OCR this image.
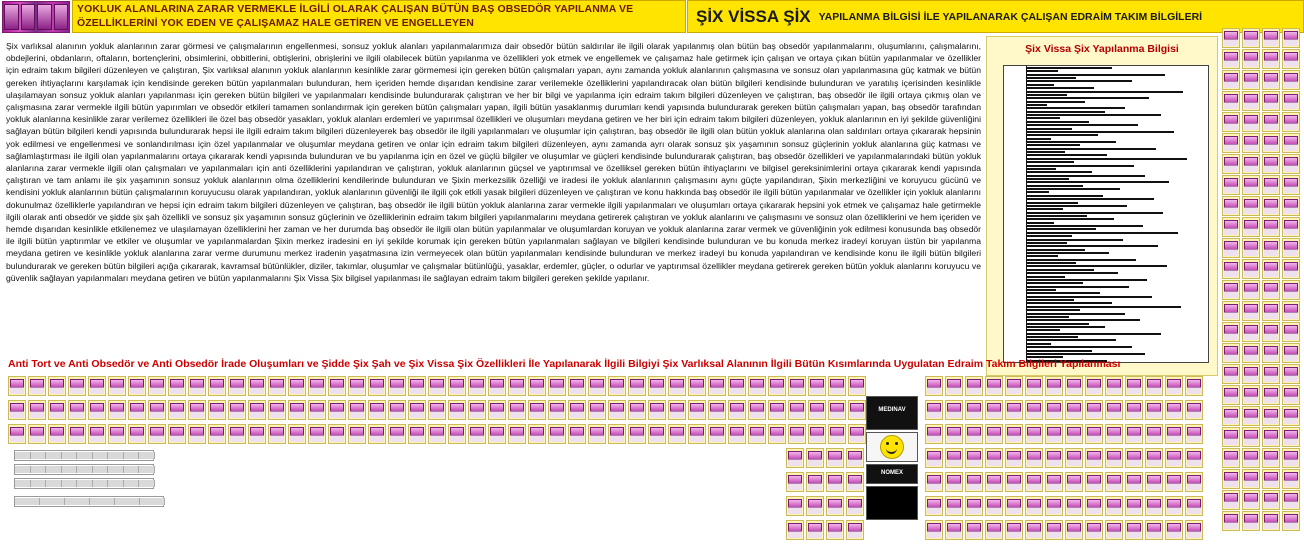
YOKLUK ALANLARINA ZARAR VERMEKLE İLGİLİ OLARAK ÇALIŞAN BÜTÜN BAŞ OBSEDÖR YAPILANMA VE ÖZELLİKLERİNİ YOK EDEN VE ÇALIŞAMAZ HALE GETİREN VE ENGELLEYEN	ŞİX VİSSA ŞİX YAPILANMA BİLGİSİ İLE YAPILANARAK ÇALIŞAN EDRAİM TAKIM BİLGİLERİ
Şix varlıksal alanının yokluk alanlarının zarar görmesi ve çalışmalarının engellenmesi, sonsuz yokluk alanları yapılanmalarımıza dair obsedör bütün saldırılar ile ilgili olarak yapılanmış olan bütün baş obsedör yapılanmalarını, oluşumlarını, çalışmalarını, obdejlerini, obdanların, oftaların, bortençlerini, obsimlerini, obbitlerini, obtişlerini, obrişlerini ve ilgili olabilecek bütün yapılanma ve özellikleri yok etmek ve engellemek ve çalışamaz hale getirmek için çalışan ve ortaya çıkan bütün yapılanmalar ve özellikler için edraim takım bilgileri düzenleyen ve çalıştıran, Şix varlıksal alanının yokluk alanlarının kesinlikle zarar görmemesi için gereken bütün çalışmaları yapan, aynı zamanda yokluk alanlarının çalışmasına ve sonsuz olan yapılanmasına güç katmak ve bütün gereken ihtiyaçlarını karşılamak için kendisinde gereken bütün yapılanmaları bulunduran, hem içeriden hemde dışarıdan kendisine zarar verilemekle özelliklerini yapılandıracak olan bütün bilgileri kendisinde bulunduran ve yaratılış içerisinden kesinlikle ulaşılamayan sonsuz yokluk alanları yapılanması için gereken bütün bilgileri ve yapılanmaları kendisinde bulundurarak çalıştıran ve her bir bilgi ve yapılanma için edraim takım bilgileri düzenleyen ve çalıştıran, baş obsedör ile ilgili ortaya çıkmış olan ve çalışmasına zarar vermekle ilgili bütün yapırımları ve obsedör etkileri tamamen sonlandırmak için gereken bütün çalışmaları yapan, ilgili bütün yasaklanmış durumları kendi yapısında bulundurarak gereken bütün çalışmaları yapan, baş obsedör tarafından yokluk alanlarına kesinlikle zarar verilemez özellikleri ile özel baş obsedör yasakları, yokluk alanları erdemleri ve yapırımsal özellikleri ve oluşumları meydana getiren ve her biri için edraim takım bilgileri düzenleyen, yokluk alanlarının en iyi şekilde güvenliğini sağlayan bütün bilgileri kendi yapısında bulundurarak hepsi ile ilgili edraim takım bilgileri düzenleyerek baş obsedör ile ilgili yapılanmaları ve oluşumlar için çalıştıran, baş obsedör ile ilgili olan bütün yokluk alanlarına olan saldırıları ortaya çıkararak hepsinin yok edilmesi ve engellenmesi ve sonlandırılması için özel yapılanmalar ve oluşumlar meydana getiren ve onlar için edraim takım bilgileri düzenleyen, aynı zamanda ayrı olarak sonsuz şix yaşamının sonsuz güçlerinin yokluk alanlarına güç katması ve sağlamlaştırması ile ilgili olan yapılanmalarını ortaya çıkararak kendi yapısında bulunduran ve bu yapılanma için en özel ve güçlü bilgiler ve oluşumlar ve güçleri kendisinde bulundurarak çalıştıran, baş obsedör özellikleri ve yapılanmalarındaki bütün yokluk alanlarına zarar vermekle ilgili olan çalışmaları ve yapılanmaları için anti özelliklerini yapılandıran ve çalıştıran, yokluk alanlarının güçsel ve yaptırımsal ve özelliksel gereken bütün ihtiyaçlarını ve bilgisel gereksinimlerini ortaya çıkararak kendi yapısında çalıştıran ve tam anlamı ile şix yaşamının sonsuz yokluk alanlarının olma özelliklerini kendilerinde bulunduran ve Şixin merkezsilik özelliği ve iradesi ile yokluk alanlarının çalışmasını aynı güçte yapılandıran, Şixin merkezliğini ve koruyucu gücünü ve kendisini yokluk alanlarının bütün çalışmalarının koruyucusu olarak yapılandıran, yokluk alanlarının güvenliği ile ilgili çok etkili yasak bilgileri düzenleyen ve çalıştıran ve konu hakkında baş obsedör ile ilgili bütün yapılanmalar ve özellikler için yokluk alanlarını dokunulmaz özelliklerle yapılandıran ve hepsi için edraim takım bilgileri düzenleyen ve çalıştıran, baş obsedör ile ilgili bütün yokluk alanlarına zarar vermekle ilgili yapılanmaları ve oluşumları ortaya çıkararak hepsini yok etmek ve çalışamaz hale getirmekle ilgili olarak anti obsedör ve şidde şix şah özellikli ve sonsuz şix yaşamının sonsuz güçlerinin ve özelliklerinin edraim takım bilgileri yapılanmalarını meydana getirerek çalıştıran ve yokluk alanlarını ve çalışmasını ve sonsuz olan özelliklerini ve hem içeriden ve hemde dışarıdan kesinlikle etkilenemez ve ulaşılamayan özelliklerini her zaman ve her durumda baş obsedör ile ilgili olan bütün yapılanmalar ve oluşumlardan koruyan ve yokluk alanlarına zarar vermek ve güvenliğinin yok edilmesi konusunda baş obsedör ile ilgili bütün yaptırımlar ve etkiler ve oluşumlar ve yapılanmalardan Şixin merkez iradesini en iyi şekilde korumak için gereken bütün yapılanmaları sağlayan ve bilgileri kendisinde bulunduran ve bu konuda merkez iradeyi koruyan üstün bir yapılanma meydana getiren ve kesinlikle yokluk alanlarına zarar verme durumunu merkez iradenin yaşatmasına izin vermeyecek olan bütün yapılanmaları kendisinde bulunduran ve merkez iradeyi bu konuda yapılandıran ve kendisinde konu ile ilgili bütün bilgileri bulundurarak ve gereken bütün bilgileri açığa çıkararak, kavramsal bütünlükler, diziler, takımlar, oluşumlar ve çalışmalar bütünlüğü, yasaklar, erdemler, güçler, o odurlar ve yaptırımsal özellikler meydana getirerek gereken bütün yokluk alanlarını koruyucu ve güvenlik sağlayan yapılanmaları meydana getiren ve bütün yapılanmalarını Şix Vissa Şix bilgisel yapılanması ile sağlayan edraim takım bilgileri gereken şekilde yapılanır.
Şix Vissa Şix Yapılanma Bilgisi
Anti Tort ve Anti Obsedör ve Anti Obsedör İrade Oluşumları ve Şidde Şix Şah ve Şix Vissa Şix Özellikleri İle Yapılanarak İlgili Bilgiyi Şix Varlıksal Alanının İlgili Bütün Kısımlarında Uygulatan Edraim Takım Bilgileri Yapılanması
MEDINAV
NOMEX
